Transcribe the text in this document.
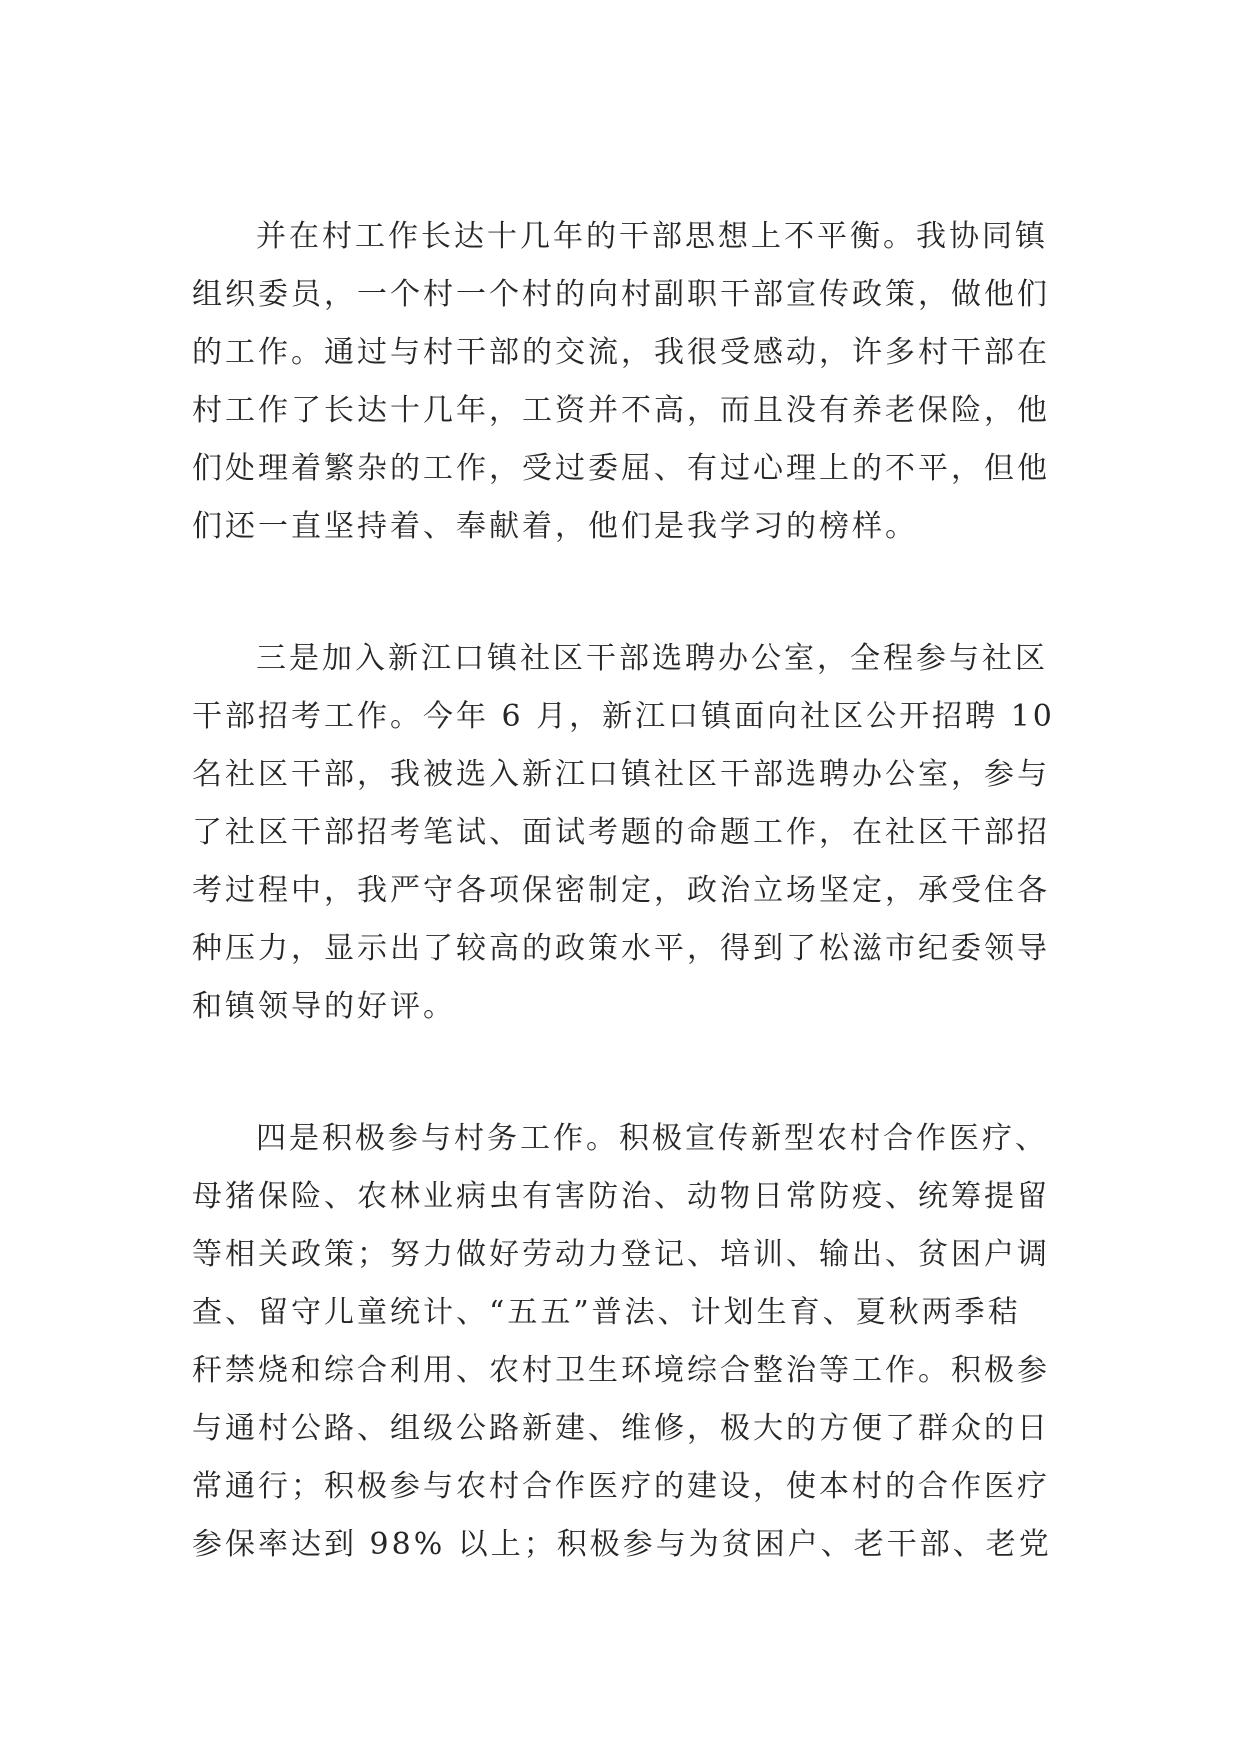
并在村工作长达十几年的干部思想上不平衡。我协同镇
组织委员，一个村一个村的向村副职干部宣传政策，做他们
的工作。通过与村干部的交流，我很受感动，许多村干部在
村工作了长达十几年，工资并不高，而且没有养老保险，他
们处理着繁杂的工作，受过委屈、有过心理上的不平，但他
们还一直坚持着、奉献着，他们是我学习的榜样。
三是加入新江口镇社区干部选聘办公室，全程参与社区
干部招考工作。今年 6 月，新江口镇面向社区公开招聘 10
名社区干部，我被选入新江口镇社区干部选聘办公室，参与
了社区干部招考笔试、面试考题的命题工作，在社区干部招
考过程中，我严守各项保密制定，政治立场坚定，承受住各
种压力，显示出了较高的政策水平，得到了松滋市纪委领导
和镇领导的好评。
四是积极参与村务工作。积极宣传新型农村合作医疗、
母猪保险、农林业病虫有害防治、动物日常防疫、统筹提留
等相关政策；努力做好劳动力登记、培训、输出、贫困户调
查、留守儿童统计、“五五”普法、计划生育、夏秋两季秸
秆禁烧和综合利用、农村卫生环境综合整治等工作。积极参
与通村公路、组级公路新建、维修，极大的方便了群众的日
常通行；积极参与农村合作医疗的建设，使本村的合作医疗
参保率达到 98% 以上；积极参与为贫困户、老干部、老党
